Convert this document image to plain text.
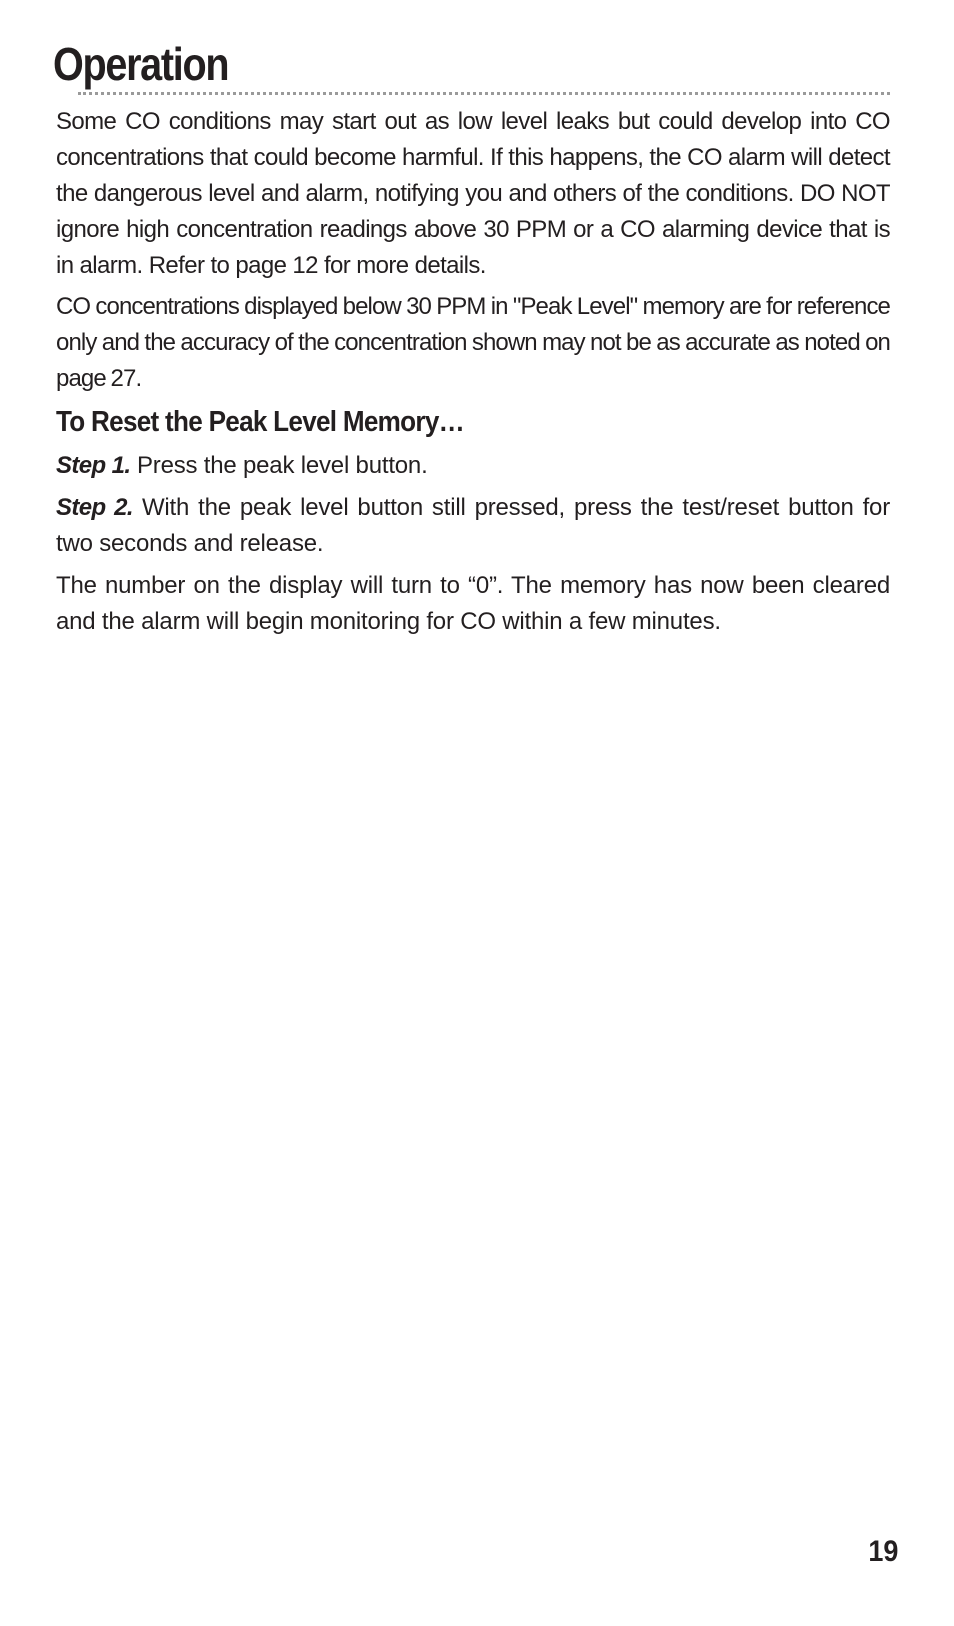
Operation

Some CO conditions may start out as low level leaks but could develop into CO concentrations that could become harmful. If this happens, the CO alarm will detect the dangerous level and alarm, notifying you and others of the conditions. DO NOT ignore high concentration readings above 30 PPM or a CO alarming device that is in alarm. Refer to page 12 for more details.

CO concentrations displayed below 30 PPM in "Peak Level" memory are for reference only and the accuracy of the concentration shown may not be as accurate as noted on page 27.

To Reset the Peak Level Memory…

Step 1. Press the peak level button.

Step 2. With the peak level button still pressed, press the test/reset button for two seconds and release.

The number on the display will turn to “0”. The memory has now been cleared and the alarm will begin monitoring for CO within a few minutes.

19
